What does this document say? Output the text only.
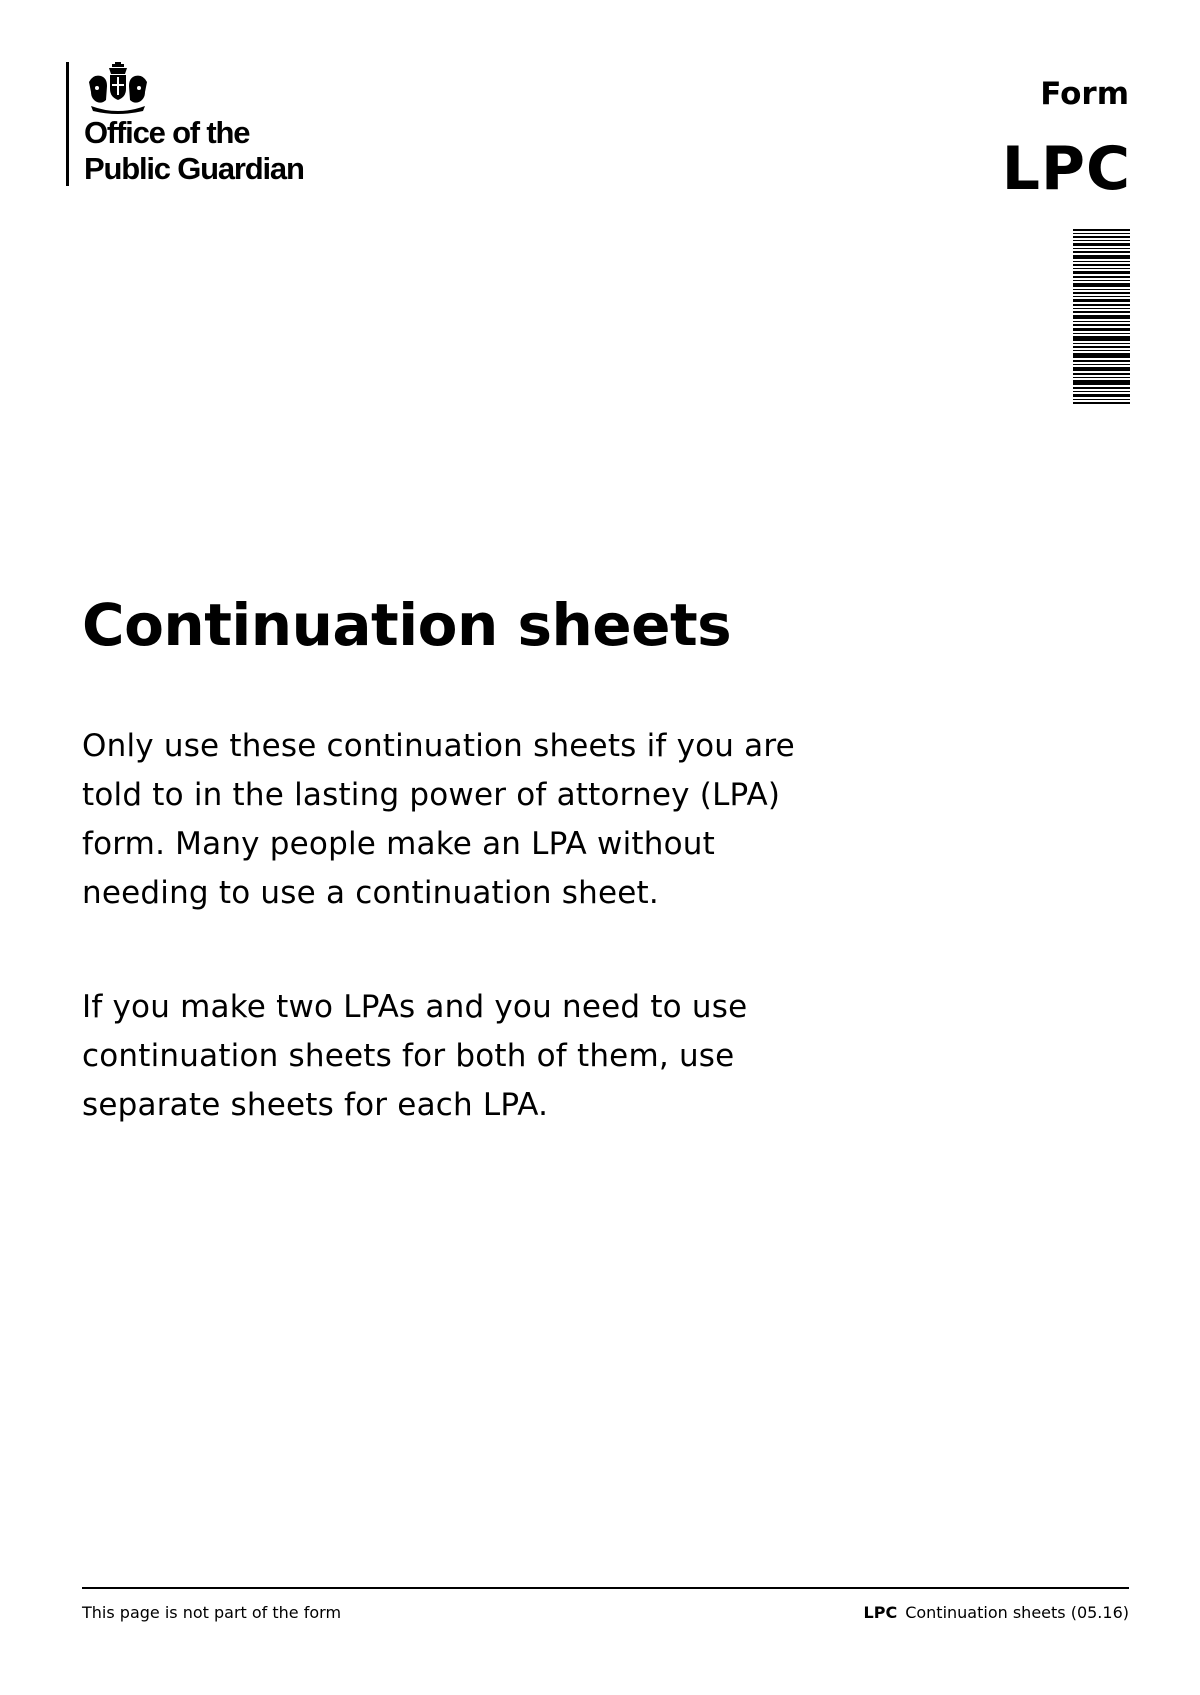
Office of the
Public Guardian
Form
LPC
Continuation sheets

Only use these continuation sheets if you are told to in the lasting power of attorney (LPA) form. Many people make an LPA without needing to use a continuation sheet.

If you make two LPAs and you need to use continuation sheets for both of them, use separate sheets for each LPA.

This page is not part of the form	LPC Continuation sheets (05.16)
